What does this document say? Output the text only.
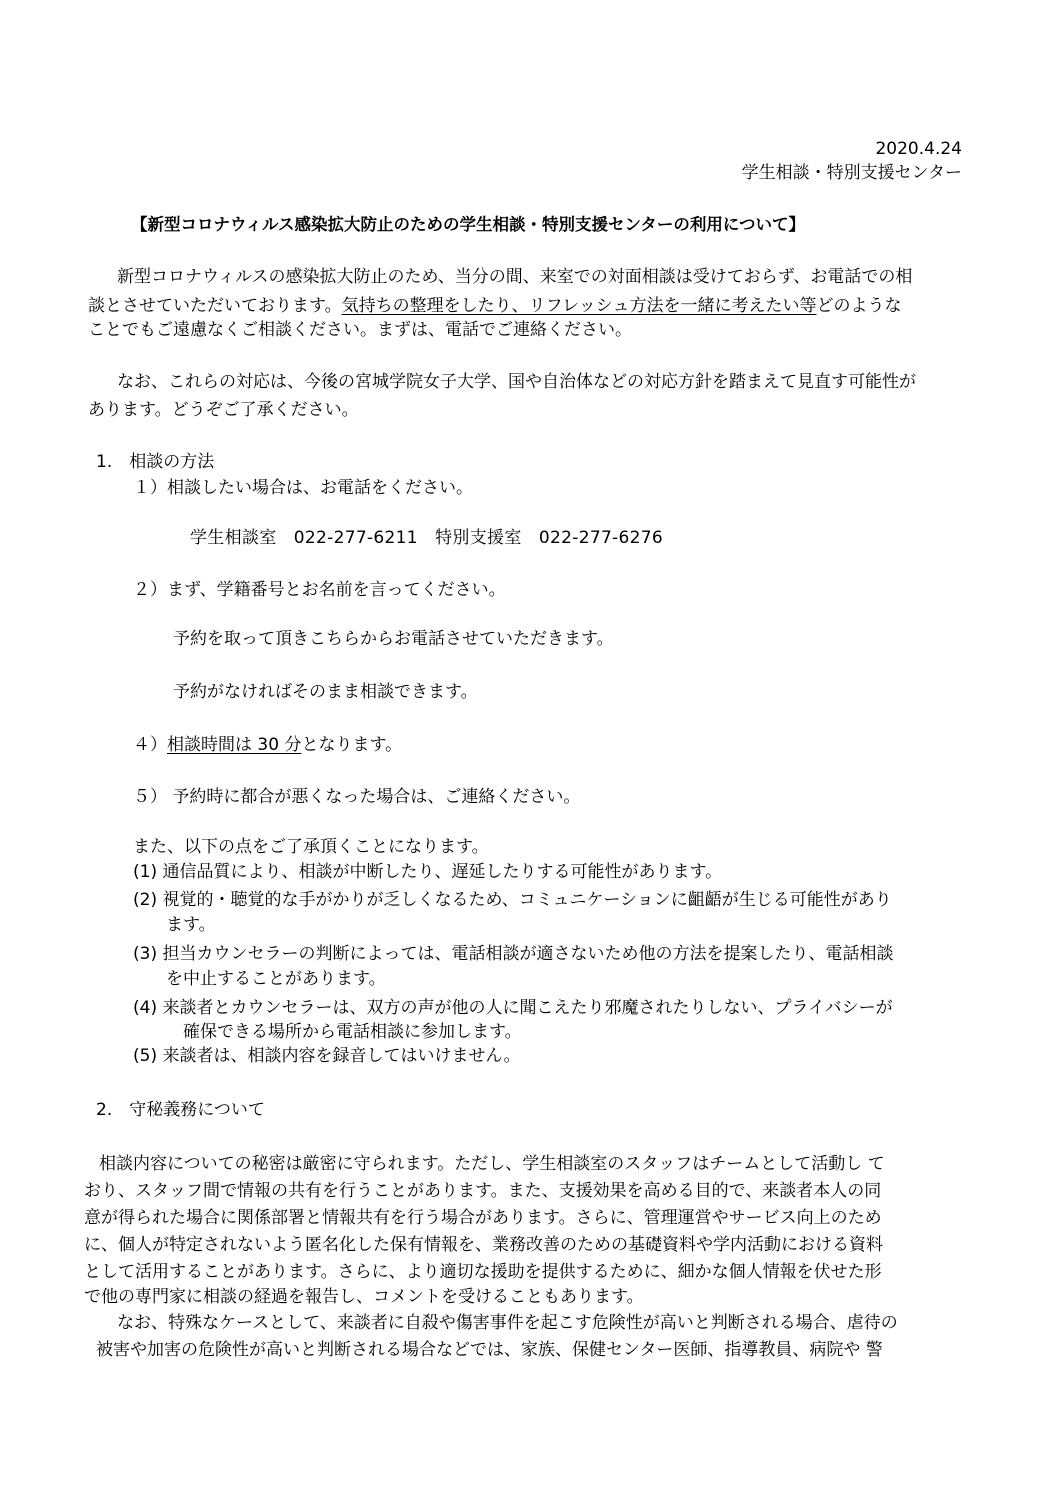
2020.4.24

学生相談・特別支援センター

【新型コロナウィルス感染拡大防止のための学生相談・特別支援センターの利用について】

新型コロナウィルスの感染拡大防止のため、当分の間、来室での対面相談は受けておらず、お電話での相

談とさせていただいております。気持ちの整理をしたり、リフレッシュ方法を一緒に考えたい等どのような

ことでもご遠慮なくご相談ください。まずは、電話でご連絡ください。

なお、これらの対応は、今後の宮城学院女子大学、国や自治体などの対応方針を踏まえて見直す可能性が

あります。どうぞご了承ください。

1.　相談の方法

１）相談したい場合は、お電話をください。

学生相談室　022-277-6211　特別支援室　022-277-6276

２）まず、学籍番号とお名前を言ってください。

予約を取って頂きこちらからお電話させていただきます。

予約がなければそのまま相談できます。

４）相談時間は 30 分となります。

５） 予約時に都合が悪くなった場合は、ご連絡ください。

また、以下の点をご了承頂くことになります。

(1) 通信品質により、相談が中断したり、遅延したりする可能性があります。

(2) 視覚的・聴覚的な手がかりが乏しくなるため、コミュニケーションに齟齬が生じる可能性があり

ます。

(3) 担当カウンセラーの判断によっては、電話相談が適さないため他の方法を提案したり、電話相談

を中止することがあります。

(4) 来談者とカウンセラーは、双方の声が他の人に聞こえたり邪魔されたりしない、プライバシーが

確保できる場所から電話相談に参加します。

(5) 来談者は、相談内容を録音してはいけません。

2.　守秘義務について

相談内容についての秘密は厳密に守られます。ただし、学生相談室のスタッフはチームとして活動し て

おり、スタッフ間で情報の共有を行うことがあります。また、支援効果を高める目的で、来談者本人の同

意が得られた場合に関係部署と情報共有を行う場合があります。さらに、管理運営やサービス向上のため

に、個人が特定されないよう匿名化した保有情報を、業務改善のための基礎資料や学内活動における資料

として活用することがあります。さらに、より適切な援助を提供するために、細かな個人情報を伏せた形

で他の専門家に相談の経過を報告し、コメントを受けることもあります。

なお、特殊なケースとして、来談者に自殺や傷害事件を起こす危険性が高いと判断される場合、虐待の

被害や加害の危険性が高いと判断される場合などでは、家族、保健センター医師、指導教員、病院や 警
